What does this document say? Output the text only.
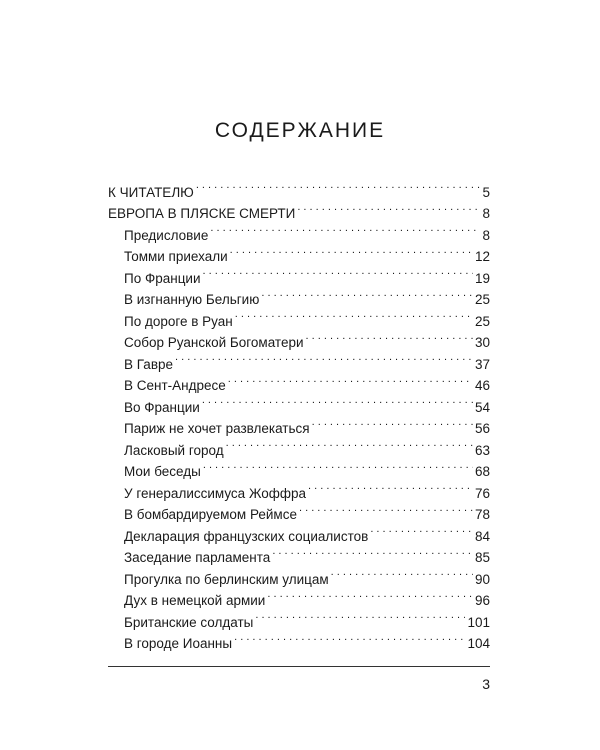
СОДЕРЖАНИЕ
К ЧИТАТЕЛЮ . . .	5
ЕВРОПА В ПЛЯСКЕ СМЕРТИ . . .	8
Предисловие . . .	8
Томми приехали . . .	12
По Франции . . .	19
В изгнанную Бельгию . . .	25
По дороге в Руан . . .	25
Собор Руанской Богоматери . . .	30
В Гавре . . .	37
В Сент-Андресе . . .	46
Во Франции . . .	54
Париж не хочет развлекаться . . .	56
Ласковый город . . .	63
Мои беседы . . .	68
У генералиссимуса Жоффра . . .	76
В бомбардируемом Реймсе . . .	78
Декларация французских социалистов . . .	84
Заседание парламента . . .	85
Прогулка по берлинским улицам . . .	90
Дух в немецкой армии . . .	96
Британские солдаты . . .	101
В городе Иоанны . . .	104
3
